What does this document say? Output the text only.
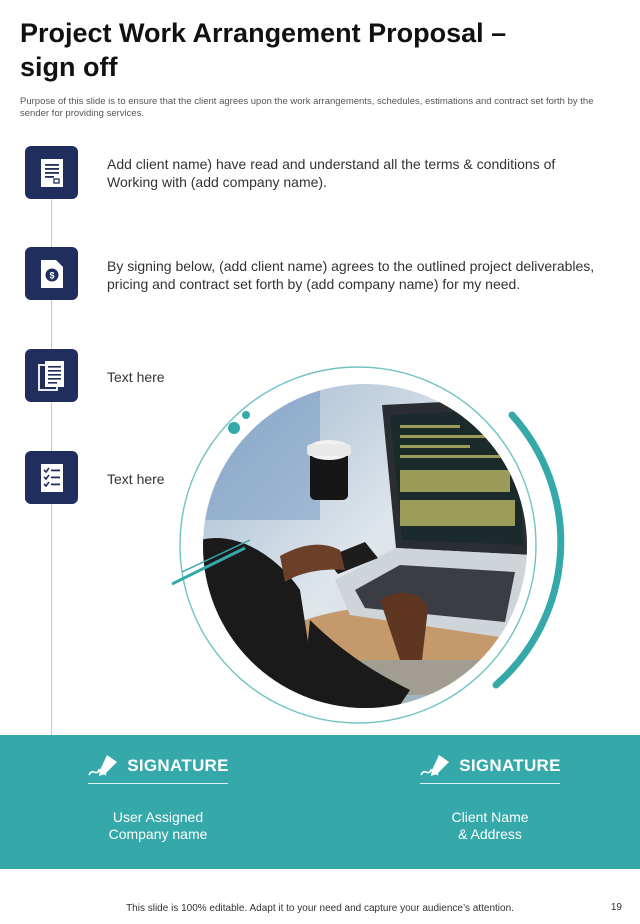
Project Work Arrangement Proposal –
sign off
Purpose of this slide is to ensure that the client agrees upon the work arrangements, schedules, estimations and contract set forth by the sender for providing services.
Add client name) have read and understand all the terms & conditions of
Working with (add company name).
$
By signing below, (add client name) agrees to the outlined project deliverables,
pricing and contract set forth by (add company name) for my need.
Text here
Text here
SIGNATURE
User Assigned
Company name
SIGNATURE
Client Name
& Address
This slide is 100% editable. Adapt it to your need and capture your audience’s attention.	19
